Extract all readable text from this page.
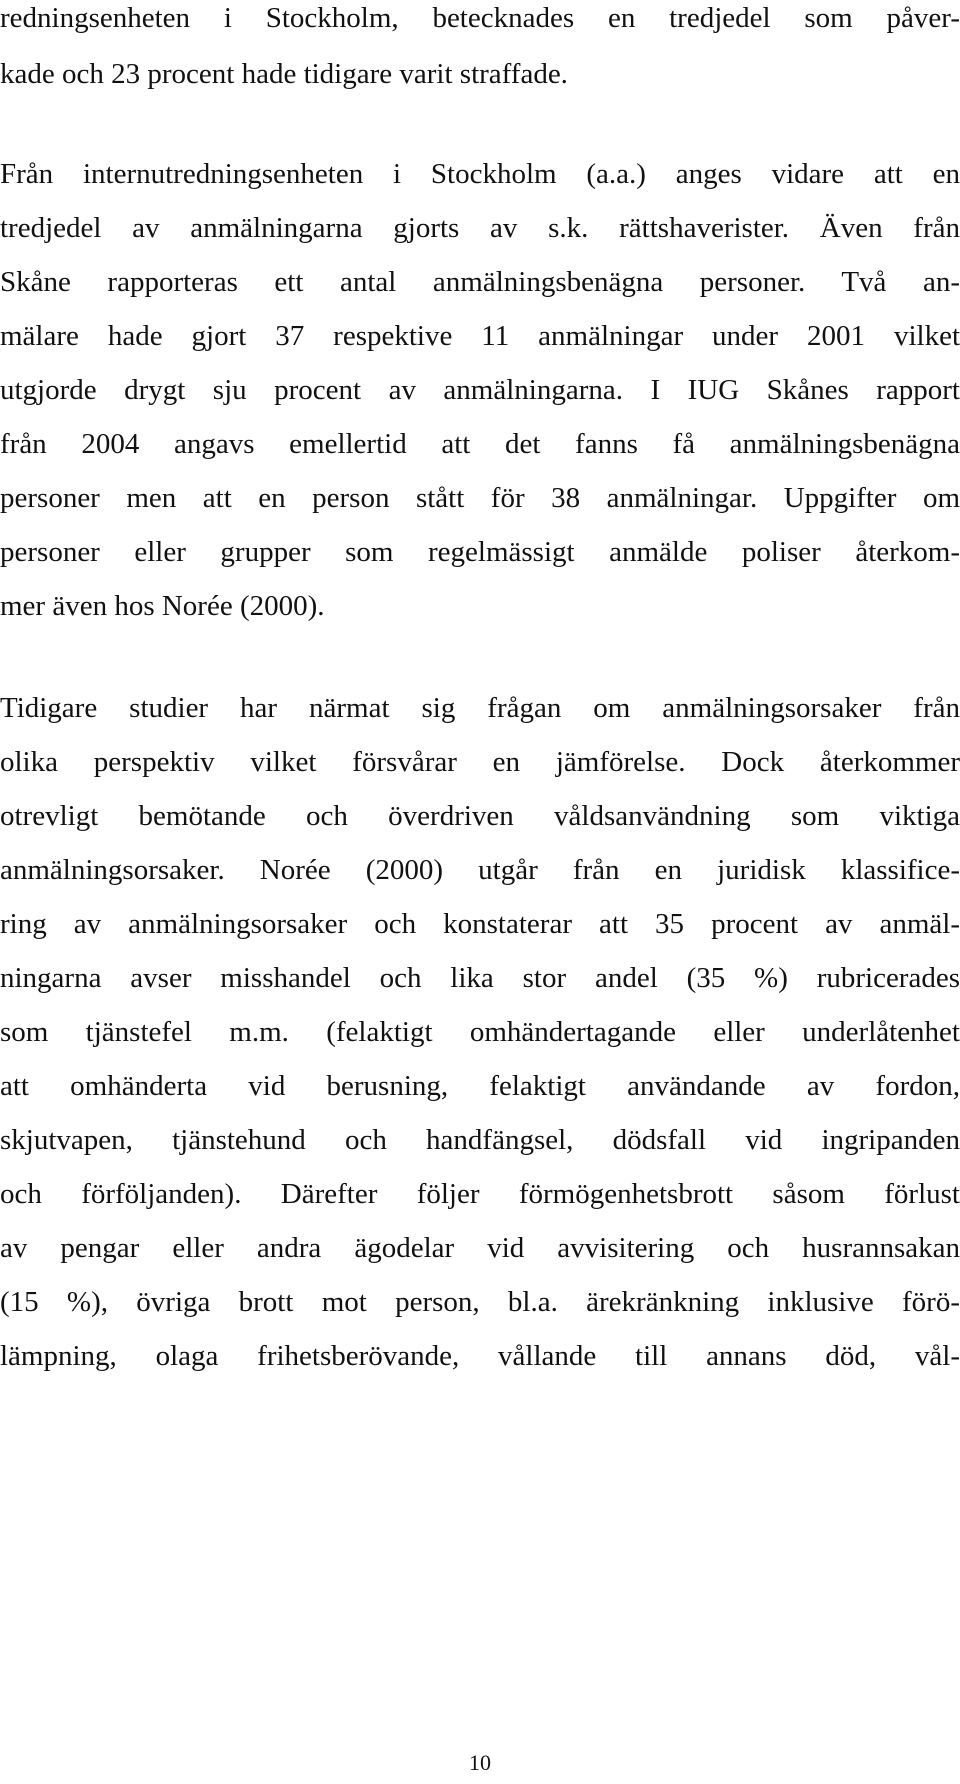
redningsenheten i Stockholm, betecknades en tredjedel som påver-
kade och 23 procent hade tidigare varit straffade.
Från internutredningsenheten i Stockholm (a.a.) anges vidare att en
tredjedel av anmälningarna gjorts av s.k. rättshaverister. Även från
Skåne rapporteras ett antal anmälningsbenägna personer. Två an-
mälare hade gjort 37 respektive 11 anmälningar under 2001 vilket
utgjorde drygt sju procent av anmälningarna. I IUG Skånes rapport
från 2004 angavs emellertid att det fanns få anmälningsbenägna
personer men att en person stått för 38 anmälningar. Uppgifter om
personer eller grupper som regelmässigt anmälde poliser återkom-
mer även hos Norée (2000).
Tidigare studier har närmat sig frågan om anmälningsorsaker från
olika perspektiv vilket försvårar en jämförelse. Dock återkommer
otrevligt bemötande och överdriven våldsanvändning som viktiga
anmälningsorsaker. Norée (2000) utgår från en juridisk klassifice-
ring av anmälningsorsaker och konstaterar att 35 procent av anmäl-
ningarna avser misshandel och lika stor andel (35 %) rubricerades
som tjänstefel m.m. (felaktigt omhändertagande eller underlåtenhet
att omhänderta vid berusning, felaktigt användande av fordon,
skjutvapen, tjänstehund och handfängsel, dödsfall vid ingripanden
och förföljanden). Därefter följer förmögenhetsbrott såsom förlust
av pengar eller andra ägodelar vid avvisitering och husrannsakan
(15 %), övriga brott mot person, bl.a. ärekränkning inklusive förö-
lämpning, olaga frihetsberövande, vållande till annans död, vål-
10
